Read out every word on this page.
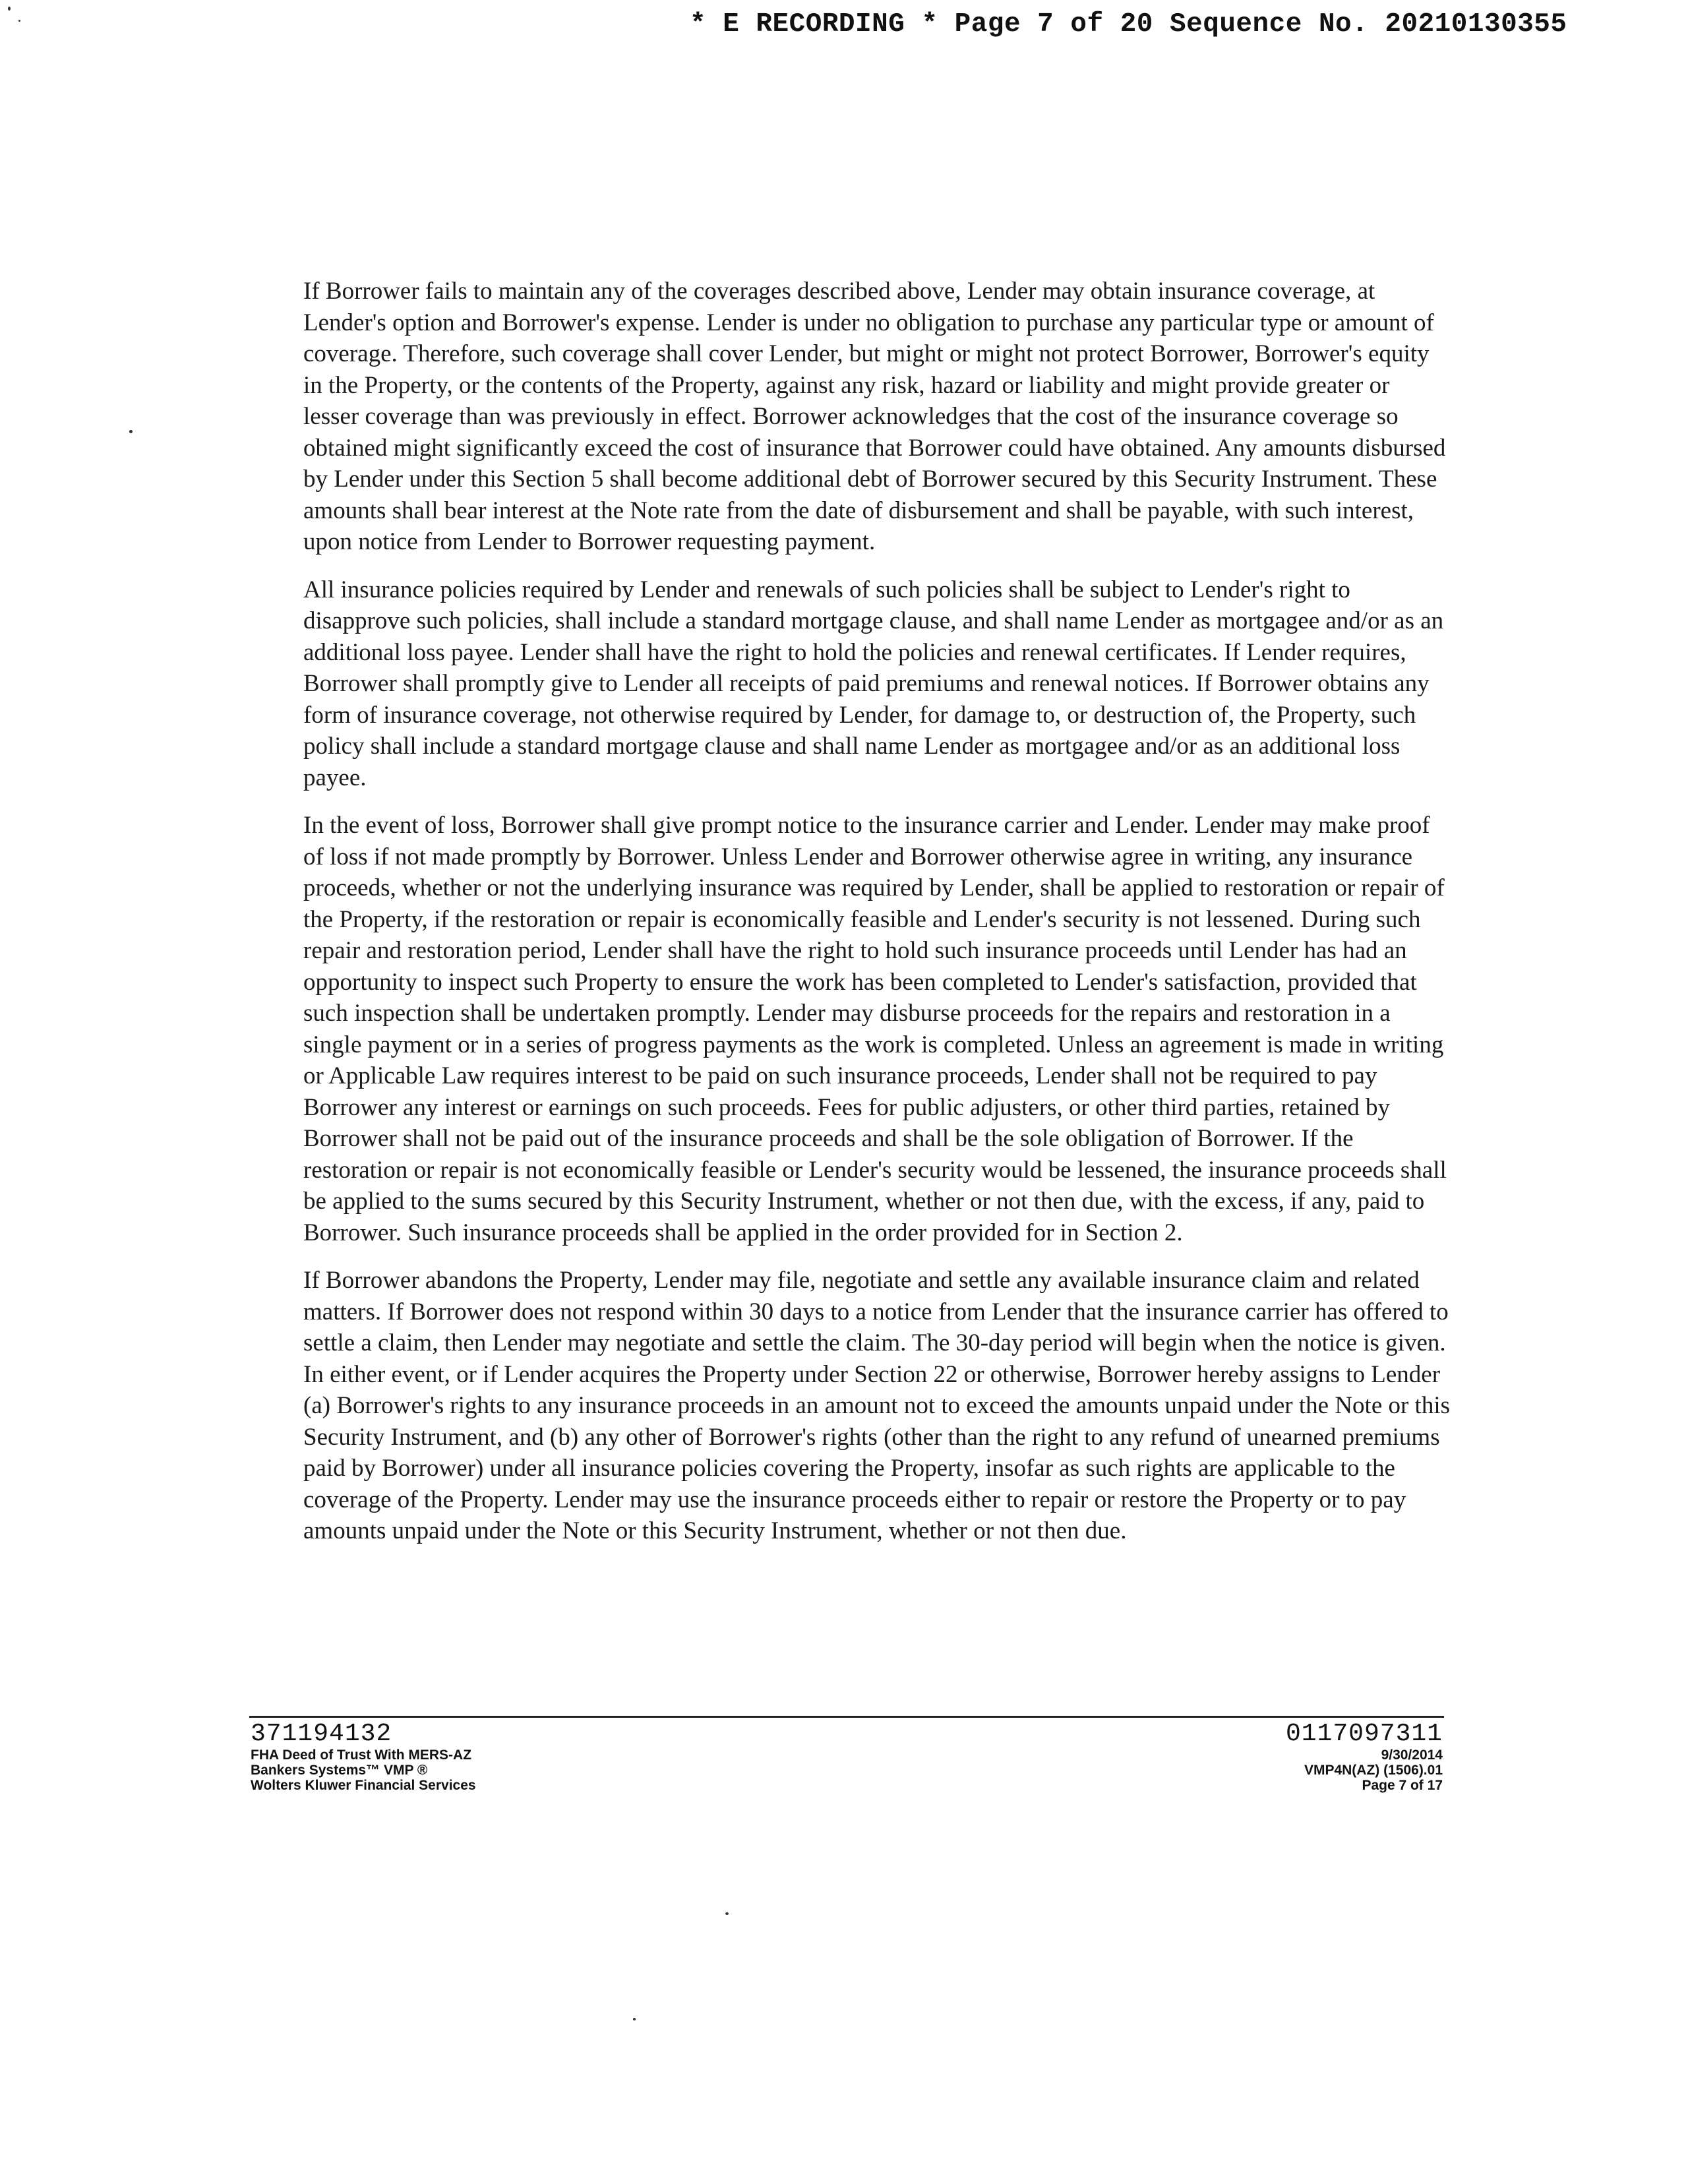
* E RECORDING * Page 7 of 20 Sequence No. 20210130355

If Borrower fails to maintain any of the coverages described above, Lender may obtain insurance coverage, at Lender's option and Borrower's expense. Lender is under no obligation to purchase any particular type or amount of coverage. Therefore, such coverage shall cover Lender, but might or might not protect Borrower, Borrower's equity in the Property, or the contents of the Property, against any risk, hazard or liability and might provide greater or lesser coverage than was previously in effect. Borrower acknowledges that the cost of the insurance coverage so obtained might significantly exceed the cost of insurance that Borrower could have obtained. Any amounts disbursed by Lender under this Section 5 shall become additional debt of Borrower secured by this Security Instrument. These amounts shall bear interest at the Note rate from the date of disbursement and shall be payable, with such interest, upon notice from Lender to Borrower requesting payment.

All insurance policies required by Lender and renewals of such policies shall be subject to Lender's right to disapprove such policies, shall include a standard mortgage clause, and shall name Lender as mortgagee and/or as an additional loss payee. Lender shall have the right to hold the policies and renewal certificates. If Lender requires, Borrower shall promptly give to Lender all receipts of paid premiums and renewal notices. If Borrower obtains any form of insurance coverage, not otherwise required by Lender, for damage to, or destruction of, the Property, such policy shall include a standard mortgage clause and shall name Lender as mortgagee and/or as an additional loss payee.

In the event of loss, Borrower shall give prompt notice to the insurance carrier and Lender. Lender may make proof of loss if not made promptly by Borrower. Unless Lender and Borrower otherwise agree in writing, any insurance proceeds, whether or not the underlying insurance was required by Lender, shall be applied to restoration or repair of the Property, if the restoration or repair is economically feasible and Lender's security is not lessened. During such repair and restoration period, Lender shall have the right to hold such insurance proceeds until Lender has had an opportunity to inspect such Property to ensure the work has been completed to Lender's satisfaction, provided that such inspection shall be undertaken promptly. Lender may disburse proceeds for the repairs and restoration in a single payment or in a series of progress payments as the work is completed. Unless an agreement is made in writing or Applicable Law requires interest to be paid on such insurance proceeds, Lender shall not be required to pay Borrower any interest or earnings on such proceeds. Fees for public adjusters, or other third parties, retained by Borrower shall not be paid out of the insurance proceeds and shall be the sole obligation of Borrower. If the restoration or repair is not economically feasible or Lender's security would be lessened, the insurance proceeds shall be applied to the sums secured by this Security Instrument, whether or not then due, with the excess, if any, paid to Borrower. Such insurance proceeds shall be applied in the order provided for in Section 2.

If Borrower abandons the Property, Lender may file, negotiate and settle any available insurance claim and related matters. If Borrower does not respond within 30 days to a notice from Lender that the insurance carrier has offered to settle a claim, then Lender may negotiate and settle the claim. The 30-day period will begin when the notice is given. In either event, or if Lender acquires the Property under Section 22 or otherwise, Borrower hereby assigns to Lender (a) Borrower's rights to any insurance proceeds in an amount not to exceed the amounts unpaid under the Note or this Security Instrument, and (b) any other of Borrower's rights (other than the right to any refund of unearned premiums paid by Borrower) under all insurance policies covering the Property, insofar as such rights are applicable to the coverage of the Property. Lender may use the insurance proceeds either to repair or restore the Property or to pay amounts unpaid under the Note or this Security Instrument, whether or not then due.

371194132
FHA Deed of Trust With MERS-AZ
Bankers Systems™ VMP ®
Wolters Kluwer Financial Services
0117097311
9/30/2014
VMP4N(AZ) (1506).01
Page 7 of 17
